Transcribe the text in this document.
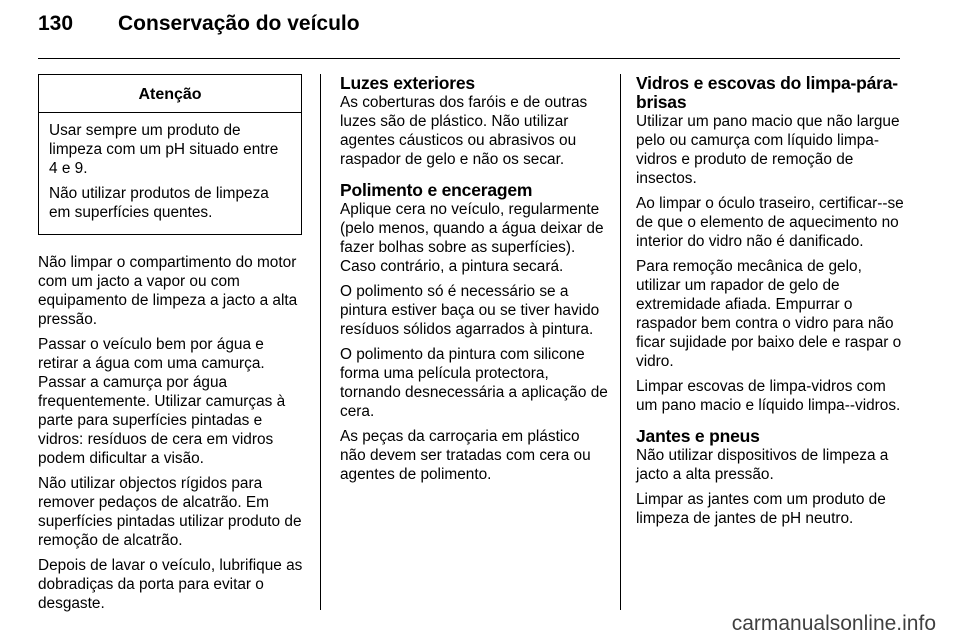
130	Conservação do veículo
Atenção

Usar sempre um produto de limpeza com um pH situado entre 4 e 9.

Não utilizar produtos de limpeza em superfícies quentes.

Não limpar o compartimento do motor com um jacto a vapor ou com equipamento de limpeza a jacto a alta pressão.

Passar o veículo bem por água e retirar a água com uma camurça. Passar a camurça por água frequentemente. Utilizar camurças à parte para superfícies pintadas e vidros: resíduos de cera em vidros podem dificultar a visão.

Não utilizar objectos rígidos para remover pedaços de alcatrão. Em superfícies pintadas utilizar produto de remoção de alcatrão.

Depois de lavar o veículo, lubrifique as dobradiças da porta para evitar o desgaste.

Luzes exteriores

As coberturas dos faróis e de outras luzes são de plástico. Não utilizar agentes cáusticos ou abrasivos ou raspador de gelo e não os secar.

Polimento e enceragem

Aplique cera no veículo, regularmente (pelo menos, quando a água deixar de fazer bolhas sobre as superfícies). Caso contrário, a pintura secará.

O polimento só é necessário se a pintura estiver baça ou se tiver havido resíduos sólidos agarrados à pintura.

O polimento da pintura com silicone forma uma película protectora, tornando desnecessária a aplicação de cera.

As peças da carroçaria em plástico não devem ser tratadas com cera ou agentes de polimento.

Vidros e escovas do limpa-pára-brisas

Utilizar um pano macio que não largue pelo ou camurça com líquido limpa-vidros e produto de remoção de insectos.

Ao limpar o óculo traseiro, certificar--se de que o elemento de aquecimento no interior do vidro não é danificado.

Para remoção mecânica de gelo, utilizar um rapador de gelo de extremidade afiada. Empurrar o raspador bem contra o vidro para não ficar sujidade por baixo dele e raspar o vidro.

Limpar escovas de limpa-vidros com um pano macio e líquido limpa--vidros.

Jantes e pneus

Não utilizar dispositivos de limpeza a jacto a alta pressão.

Limpar as jantes com um produto de limpeza de jantes de pH neutro.

carmanualsonline.info
